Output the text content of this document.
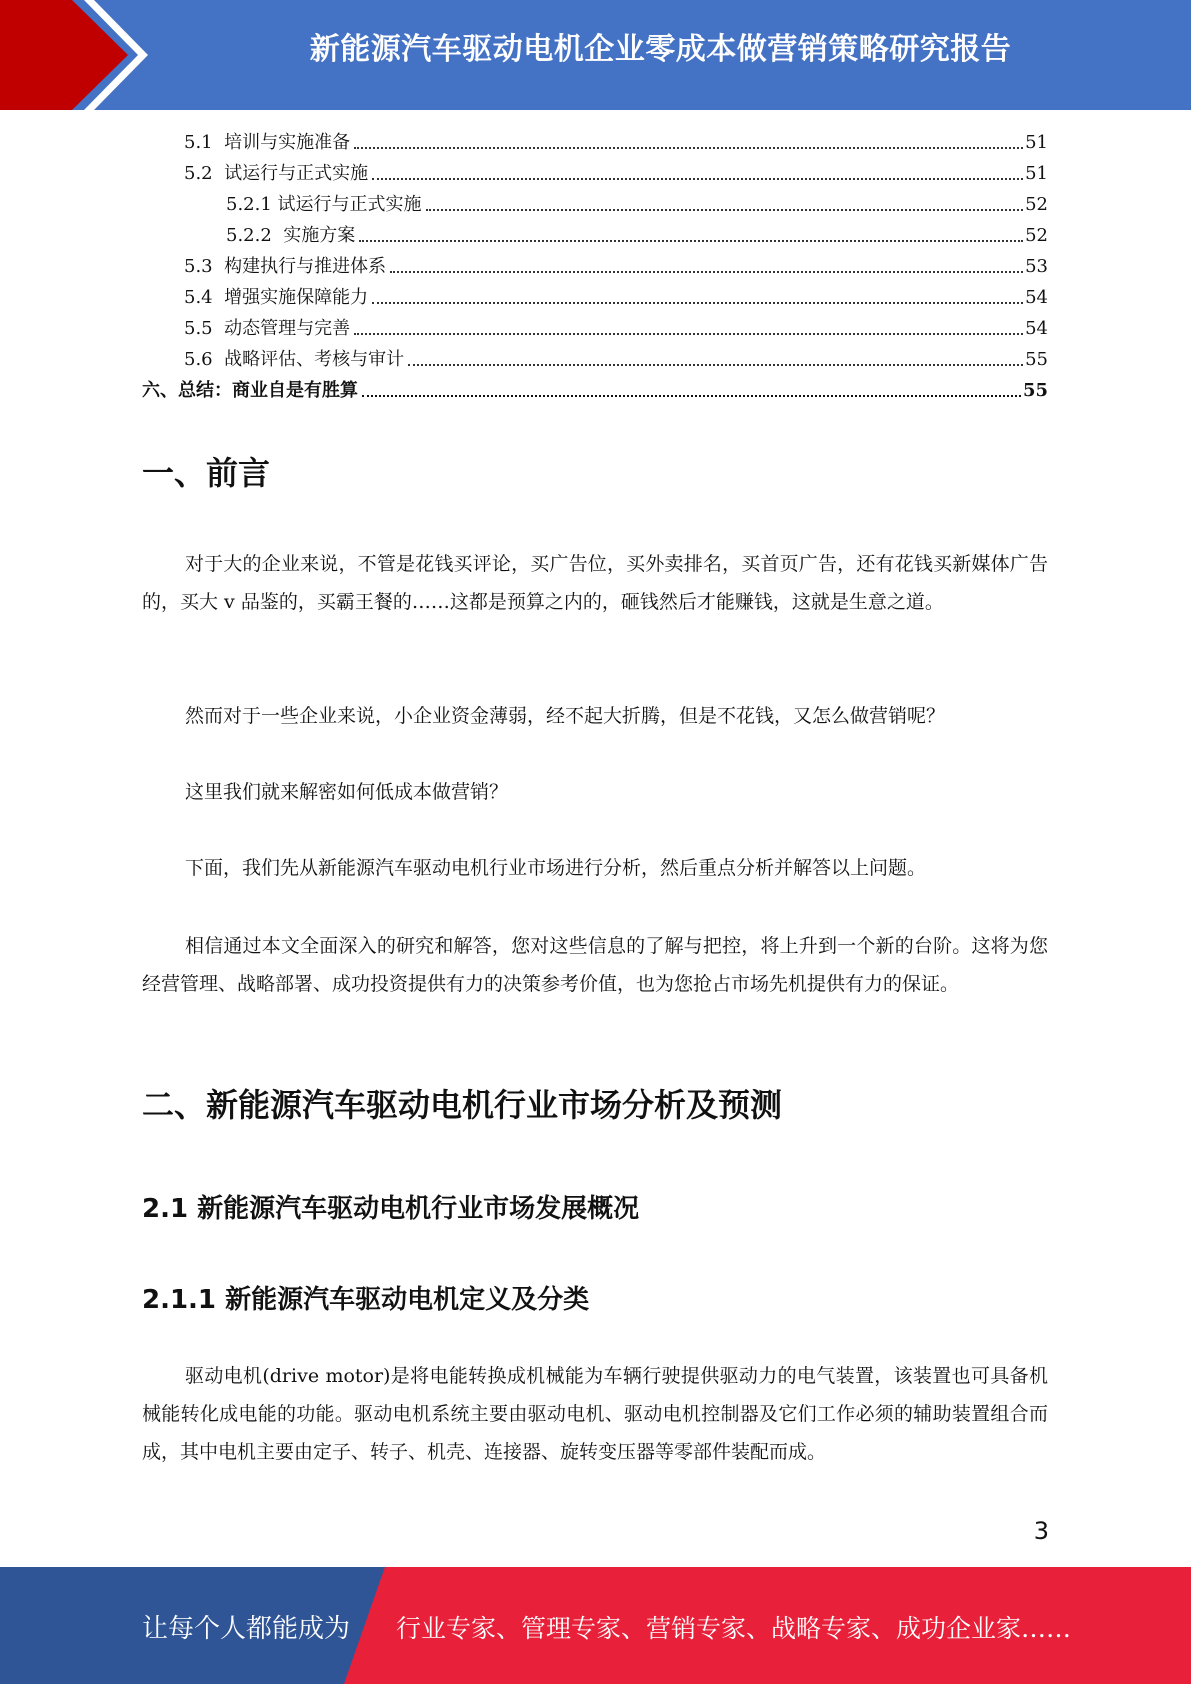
新能源汽车驱动电机企业零成本做营销策略研究报告
5.1 培训与实施准备	51
5.2 试运行与正式实施	51
5.2.1 试运行与正式实施	52
5.2.2 实施方案	52
5.3 构建执行与推进体系	53
5.4 增强实施保障能力	54
5.5 动态管理与完善	54
5.6 战略评估、考核与审计	55
六、总结：商业自是有胜算	55
一、前言

对于大的企业来说，不管是花钱买评论，买广告位，买外卖排名，买首页广告，还有花钱买新媒体广告的，买大 v 品鉴的，买霸王餐的……这都是预算之内的，砸钱然后才能赚钱，这就是生意之道。

然而对于一些企业来说，小企业资金薄弱，经不起大折腾，但是不花钱，又怎么做营销呢？

这里我们就来解密如何低成本做营销？

下面，我们先从新能源汽车驱动电机行业市场进行分析，然后重点分析并解答以上问题。

相信通过本文全面深入的研究和解答，您对这些信息的了解与把控，将上升到一个新的台阶。这将为您经营管理、战略部署、成功投资提供有力的决策参考价值，也为您抢占市场先机提供有力的保证。

二、新能源汽车驱动电机行业市场分析及预测
2.1 新能源汽车驱动电机行业市场发展概况
2.1.1 新能源汽车驱动电机定义及分类

驱动电机(drive motor)是将电能转换成机械能为车辆行驶提供驱动力的电气装置，该装置也可具备机械能转化成电能的功能。驱动电机系统主要由驱动电机、驱动电机控制器及它们工作必须的辅助装置组合而成，其中电机主要由定子、转子、机壳、连接器、旋转变压器等零部件装配而成。

3
让每个人都能成为 行业专家、管理专家、营销专家、战略专家、成功企业家……
